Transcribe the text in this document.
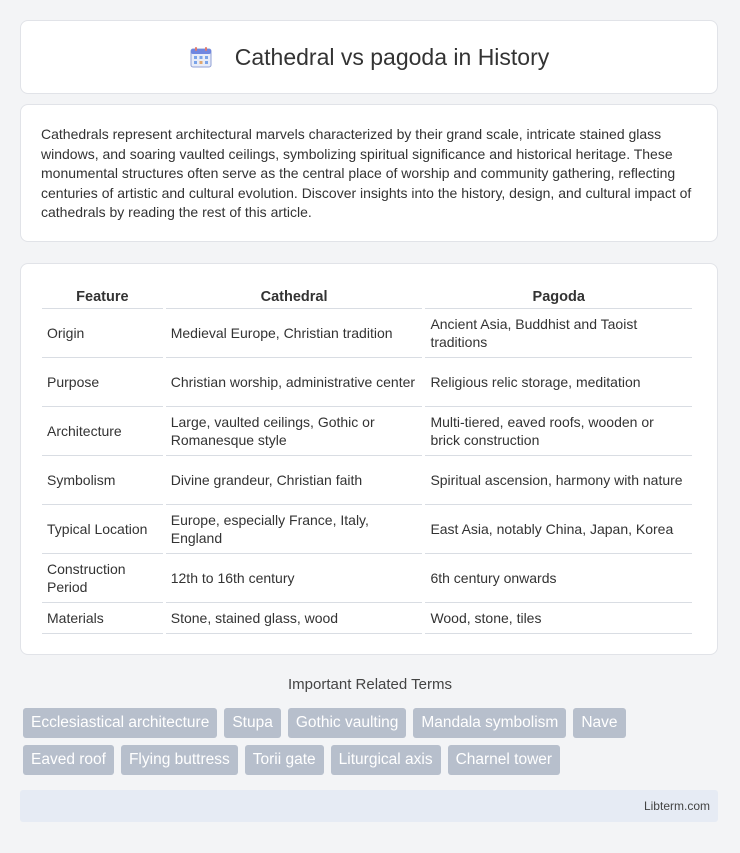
Cathedral vs pagoda in History

Cathedrals represent architectural marvels characterized by their grand scale, intricate stained glass windows, and soaring vaulted ceilings, symbolizing spiritual significance and historical heritage. These monumental structures often serve as the central place of worship and community gathering, reflecting centuries of artistic and cultural evolution. Discover insights into the history, design, and cultural impact of cathedrals by reading the rest of this article.

Feature	Cathedral	Pagoda
Origin	Medieval Europe, Christian tradition	Ancient Asia, Buddhist and Taoist traditions
Purpose	Christian worship, administrative center	Religious relic storage, meditation
Architecture	Large, vaulted ceilings, Gothic or Romanesque style	Multi-tiered, eaved roofs, wooden or brick construction
Symbolism	Divine grandeur, Christian faith	Spiritual ascension, harmony with nature
Typical Location	Europe, especially France, Italy, England	East Asia, notably China, Japan, Korea
Construction Period	12th to 16th century	6th century onwards
Materials	Stone, stained glass, wood	Wood, stone, tiles
Important Related Terms
Ecclesiastical architecture	Stupa	Gothic vaulting	Mandala symbolism	Nave
Eaved roof	Flying buttress	Torii gate	Liturgical axis	Charnel tower
Libterm.com
